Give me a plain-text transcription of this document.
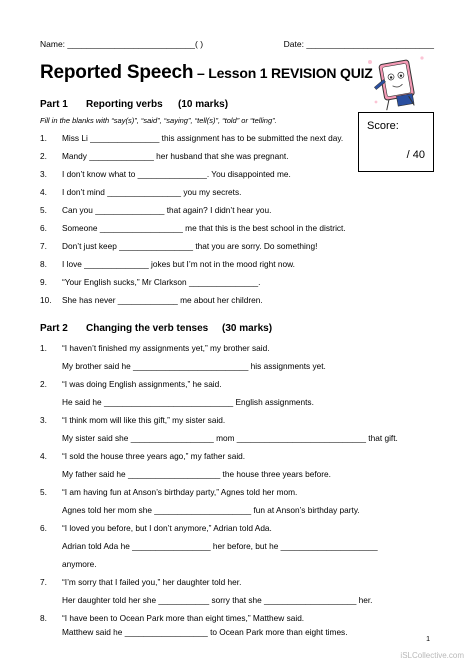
Name: ___________________________( )	Date: ___________________________
Reported Speech – Lesson 1 REVISION QUIZ
Score:
/ 40
Part 1 Reporting verbs (10 marks)
Fill in the blanks with “say(s)”, “said”, “saying”, “tell(s)”, “told” or “telling”.
1. Miss Li _______________ this assignment has to be submitted the next day.
2. Mandy ______________ her husband that she was pregnant.
3. I don’t know what to _______________. You disappointed me.
4. I don’t mind ________________ you my secrets.
5. Can you _______________ that again? I didn’t hear you.
6. Someone __________________ me that this is the best school in the district.
7. Don’t just keep ________________ that you are sorry. Do something!
8. I love ______________ jokes but I’m not in the mood right now.
9. “Your English sucks,” Mr Clarkson _______________.
10. She has never _____________ me about her children.
Part 2 Changing the verb tenses (30 marks)
1. “I haven’t finished my assignments yet,” my brother said.
My brother said he _________________________ his assignments yet.
2. “I was doing English assignments,” he said.
He said he ____________________________ English assignments.
3. “I think mom will like this gift,” my sister said.
My sister said she __________________ mom ____________________________ that gift.
4. “I sold the house three years ago,” my father said.
My father said he ____________________ the house three years before.
5. “I am having fun at Anson’s birthday party,” Agnes told her mom.
Agnes told her mom she _____________________ fun at Anson’s birthday party.
6. “I loved you before, but I don’t anymore,” Adrian told Ada.
Adrian told Ada he _________________ her before, but he _____________________
anymore.
7. “I’m sorry that I failed you,” her daughter told her.
Her daughter told her she ___________ sorry that she ____________________ her.
8. “I have been to Ocean Park more than eight times,” Matthew said.
Matthew said he __________________ to Ocean Park more than eight times.
1
iSLCollective.com
